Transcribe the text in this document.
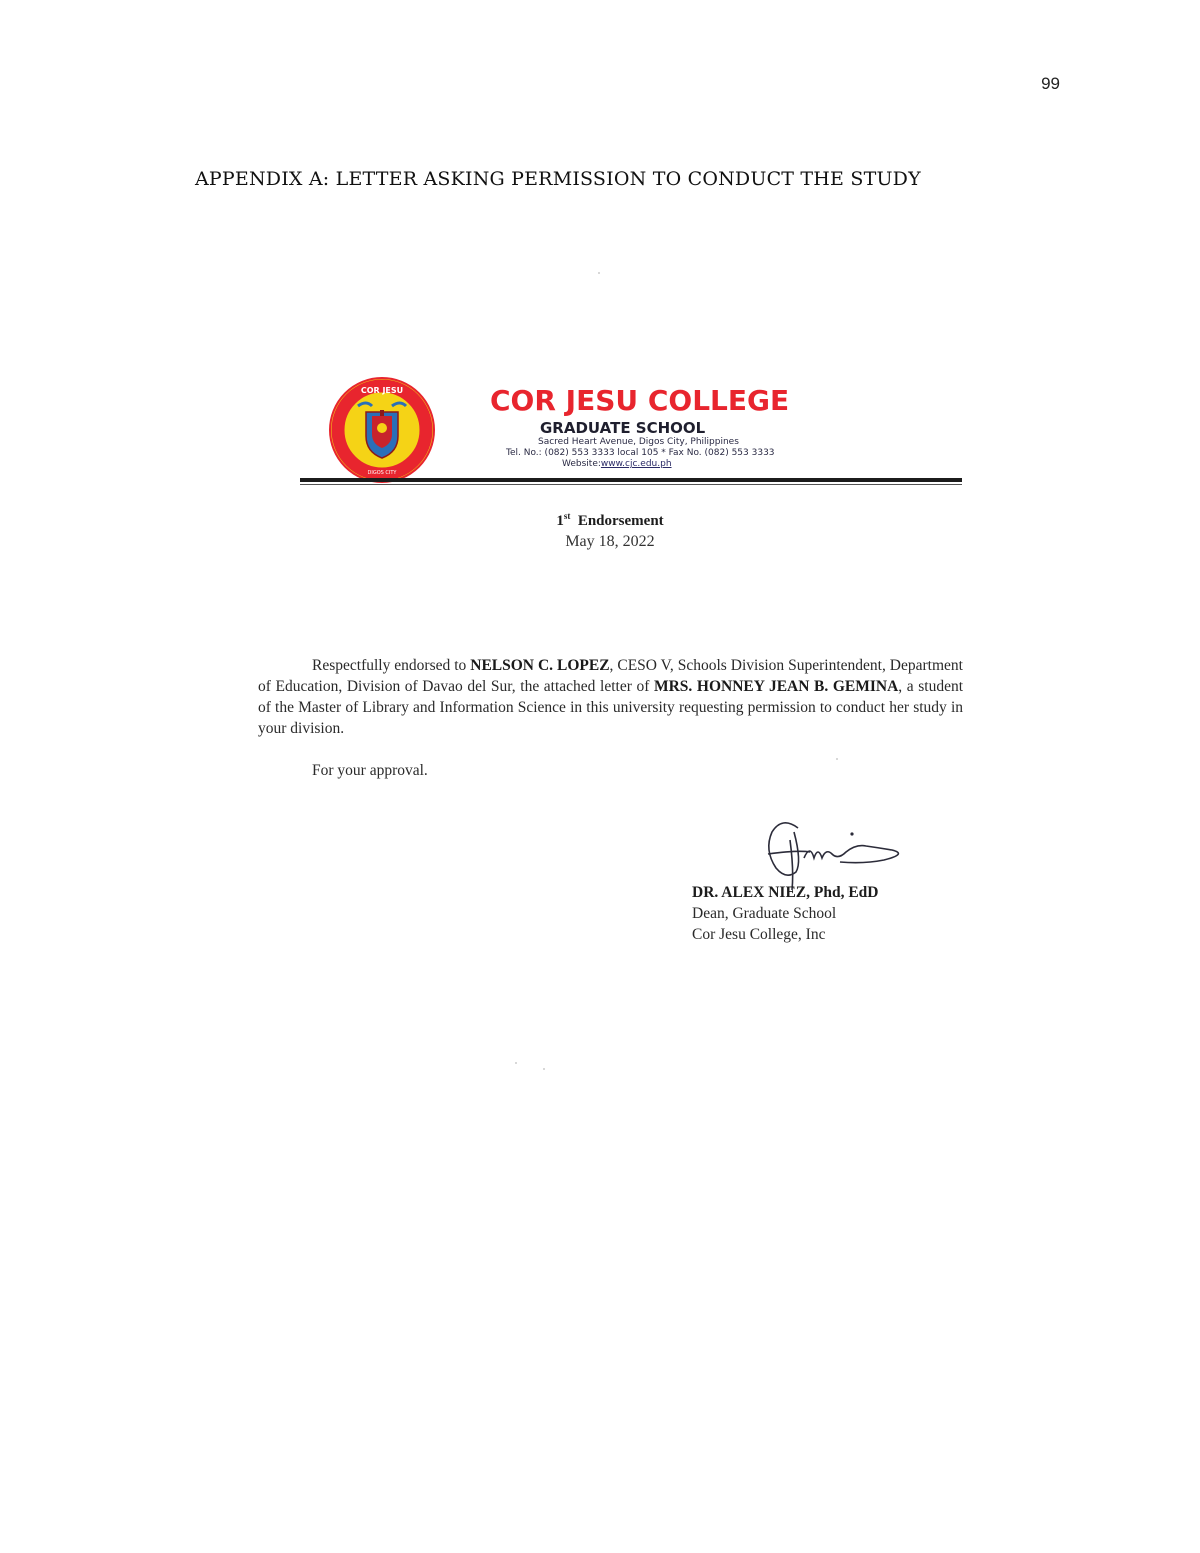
99
APPENDIX A: LETTER ASKING PERMISSION TO CONDUCT THE STUDY
COR JESU
DIGOS CITY
COR JESU COLLEGE
GRADUATE SCHOOL
Sacred Heart Avenue, Digos City, Philippines
Tel. No.: (082) 553 3333 local 105 * Fax No. (082) 553 3333
Website:www.cjc.edu.ph
1st Endorsement
May 18, 2022
Respectfully endorsed to NELSON C. LOPEZ, CESO V, Schools Division Superintendent, Department of Education, Division of Davao del Sur, the attached letter of MRS. HONNEY JEAN B. GEMINA, a student of the Master of Library and Information Science in this university requesting permission to conduct her study in your division.
For your approval.
DR. ALEX NIEZ, Phd, EdD
Dean, Graduate School
Cor Jesu College, Inc
